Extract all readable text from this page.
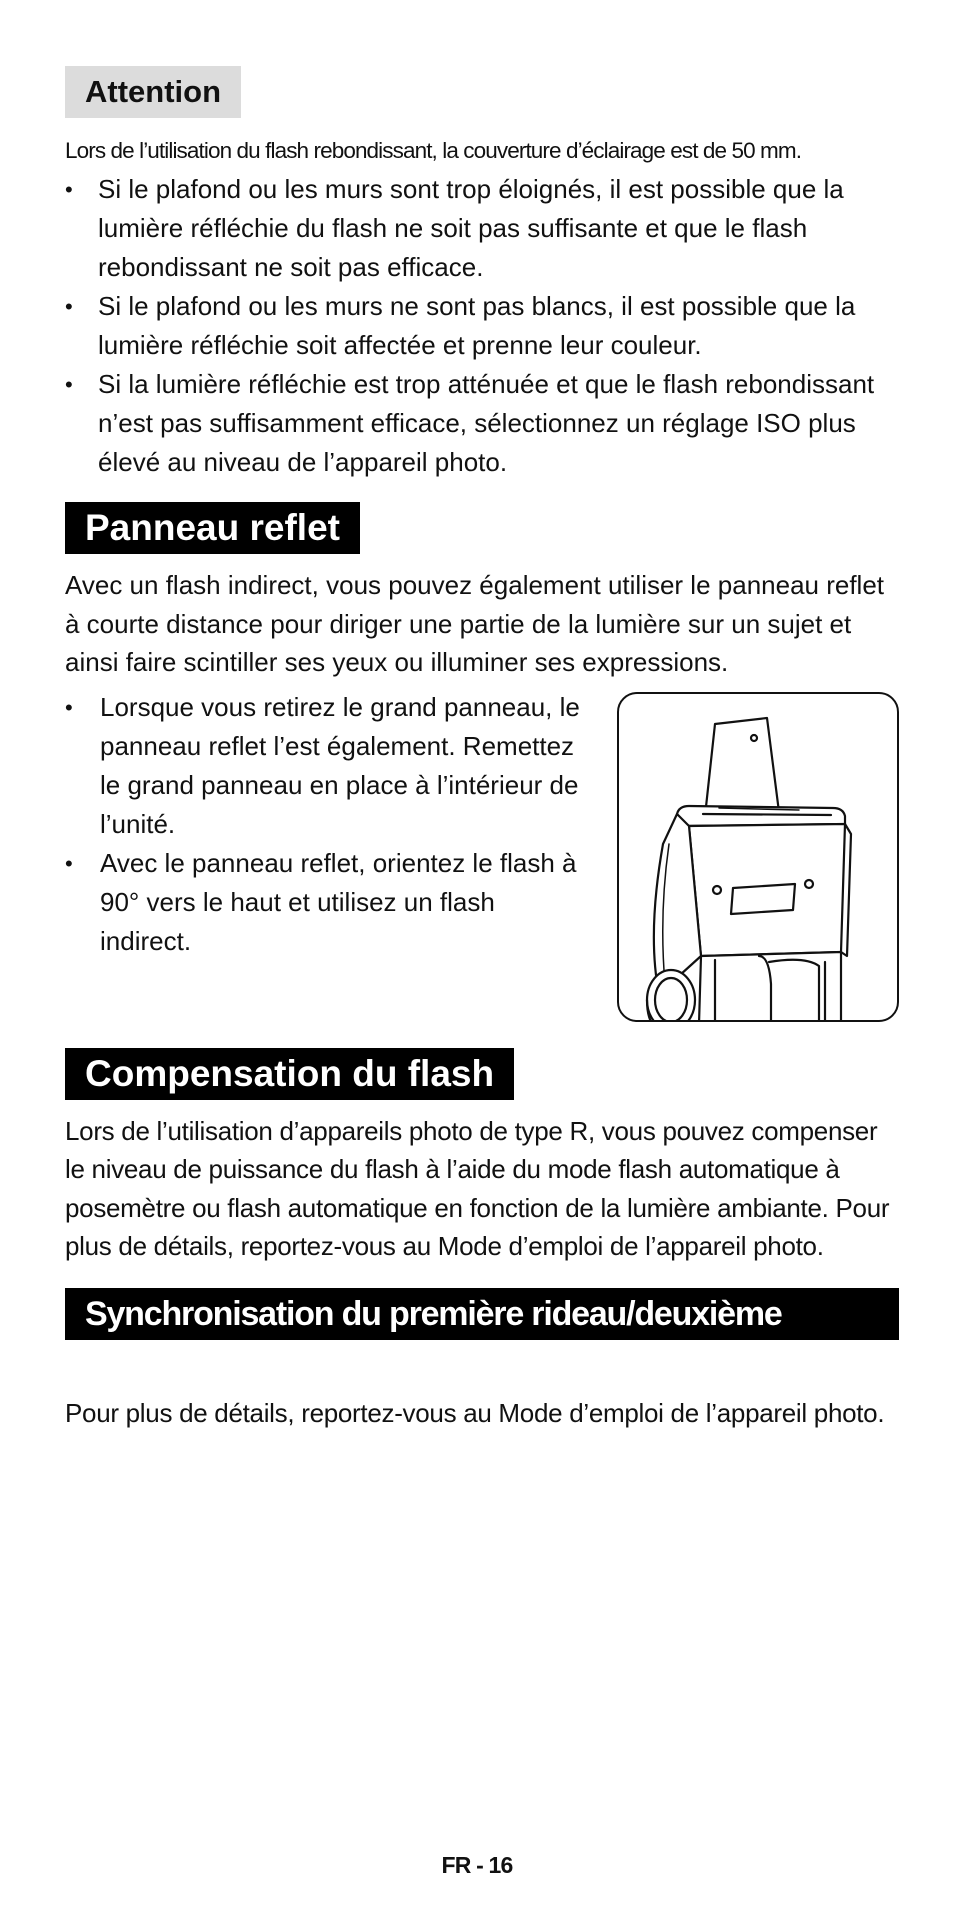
Attention
Lors de l’utilisation du flash rebondissant, la couverture d’éclairage est de 50 mm.
• Si le plafond ou les murs sont trop éloignés, il est possible que la lumière réfléchie du flash ne soit pas suffisante et que le flash rebondissant ne soit pas efficace.
• Si le plafond ou les murs ne sont pas blancs, il est possible que la lumière réfléchie soit affectée et prenne leur couleur.
• Si la lumière réfléchie est trop atténuée et que le flash rebondissant n’est pas suffisamment efficace, sélectionnez un réglage ISO plus élevé au niveau de l’appareil photo.
Panneau reflet
Avec un flash indirect, vous pouvez également utiliser le panneau reflet à courte distance pour diriger une partie de la lumière sur un sujet et ainsi faire scintiller ses yeux ou illuminer ses expressions.
• Lorsque vous retirez le grand panneau, le panneau reflet l’est également. Remettez le grand panneau en place à l’intérieur de l’unité.
• Avec le panneau reflet, orientez le flash à 90° vers le haut et utilisez un flash indirect.
Compensation du flash
Lors de l’utilisation d’appareils photo de type R, vous pouvez compenser le niveau de puissance du flash à l’aide du mode flash automatique à posemètre ou flash automatique en fonction de la lumière ambiante. Pour plus de détails, reportez-vous au Mode d’emploi de l’appareil photo.
Synchronisation du première rideau/deuxième rideau
Pour plus de détails, reportez-vous au Mode d’emploi de l’appareil photo.
FR - 16
